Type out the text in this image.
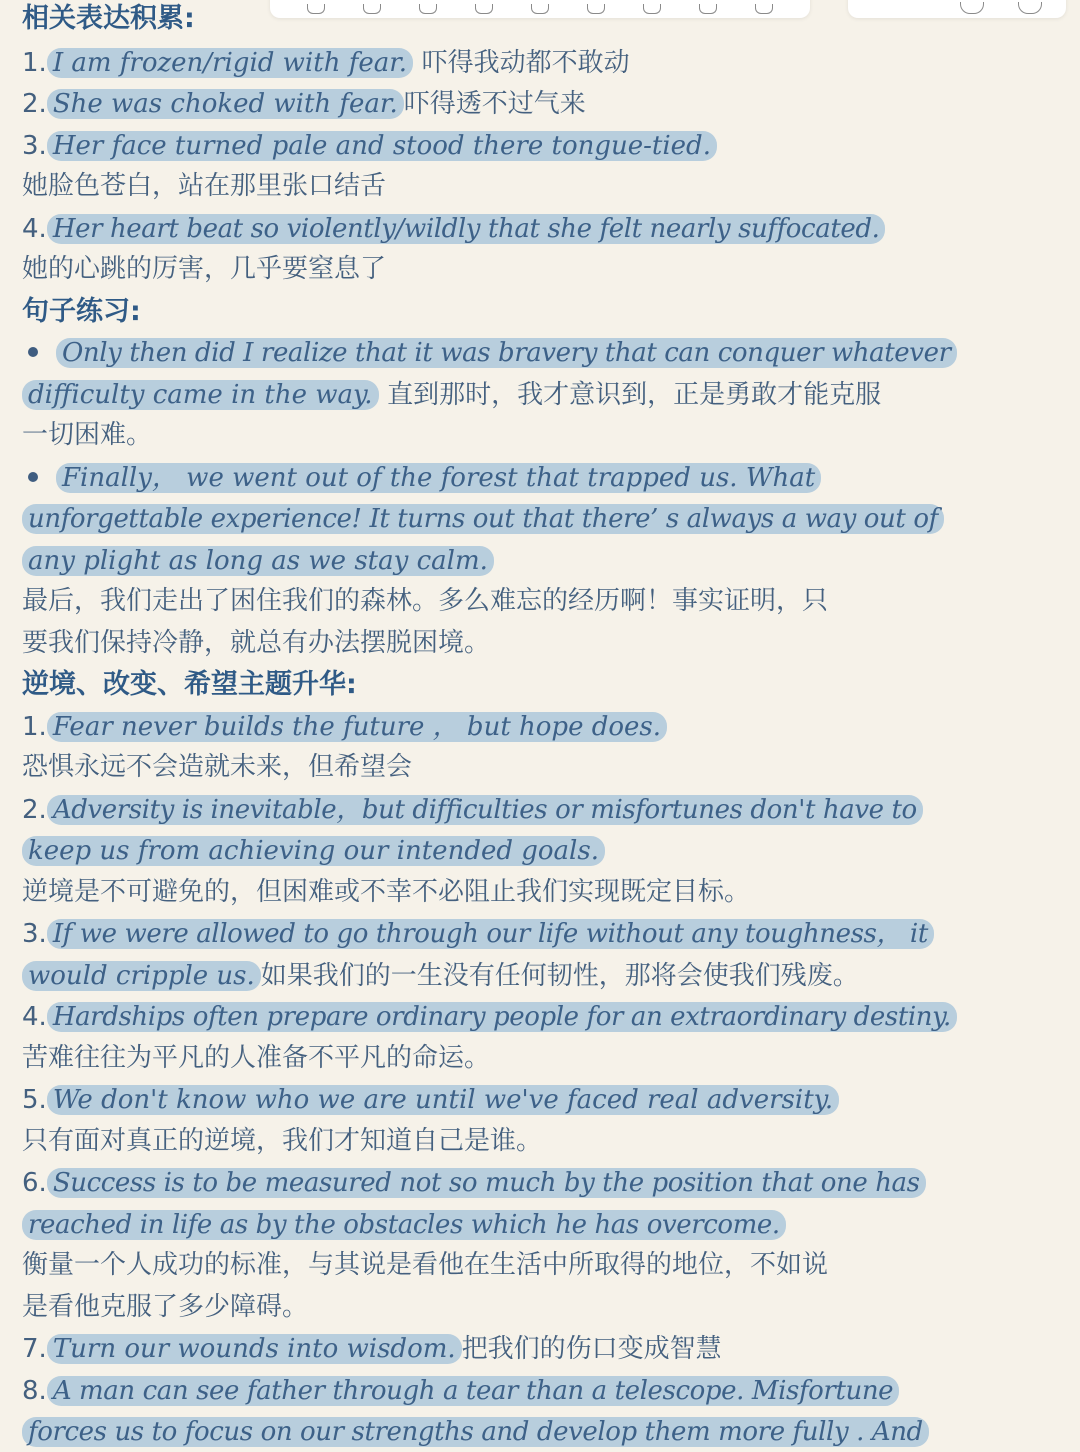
相关表达积累:
1. I am frozen/rigid with fear. 吓得我动都不敢动
2. She was choked with fear. 吓得透不过气来
3. Her face turned pale and stood there tongue-tied.
她脸色苍白，站在那里张口结舌
4. Her heart beat so violently/wildly that she felt nearly suffocated.
她的心跳的厉害，几乎要窒息了
句子练习:
Only then did I realize that it was bravery that can conquer whatever
difficulty came in the way. 直到那时，我才意识到，正是勇敢才能克服
一切困难。
Finally， we went out of the forest that trapped us. What
unforgettable experience! It turns out that there’ s always a way out of
any plight as long as we stay calm.
最后，我们走出了困住我们的森林。多么难忘的经历啊！事实证明，只
要我们保持冷静，就总有办法摆脱困境。
逆境、改变、希望主题升华:
1. Fear never builds the future ， but hope does.
恐惧永远不会造就未来，但希望会
2. Adversity is inevitable，but difficulties or misfortunes don't have to
keep us from achieving our intended goals.
逆境是不可避免的，但困难或不幸不必阻止我们实现既定目标。
3. If we were allowed to go through our life without any toughness， it
would cripple us. 如果我们的一生没有任何韧性，那将会使我们残废。
4. Hardships often prepare ordinary people for an extraordinary destiny.
苦难往往为平凡的人准备不平凡的命运。
5. We don't know who we are until we've faced real adversity.
只有面对真正的逆境，我们才知道自己是谁。
6. Success is to be measured not so much by the position that one has
reached in life as by the obstacles which he has overcome.
衡量一个人成功的标准，与其说是看他在生活中所取得的地位，不如说
是看他克服了多少障碍。
7. Turn our wounds into wisdom. 把我们的伤口变成智慧
8. A man can see father through a tear than a telescope. Misfortune
forces us to focus on our strengths and develop them more fully . And
